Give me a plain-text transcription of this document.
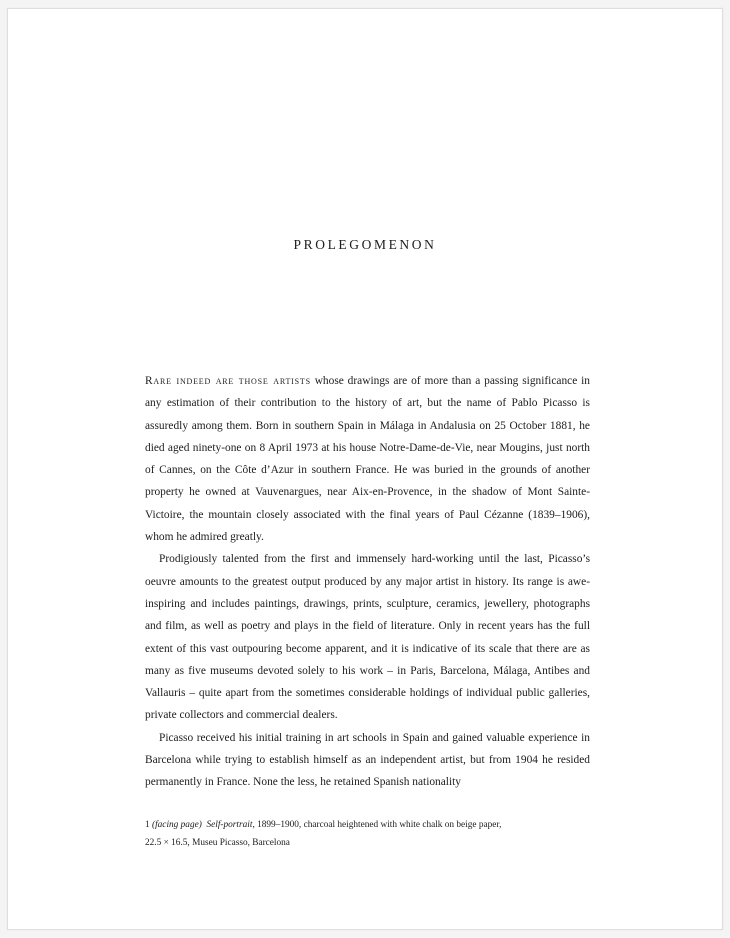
PROLEGOMENON

Rare indeed are those artists whose drawings are of more than a passing significance in any estimation of their contribution to the history of art, but the name of Pablo Picasso is assuredly among them. Born in southern Spain in Málaga in Andalusia on 25 October 1881, he died aged ninety-one on 8 April 1973 at his house Notre-Dame-de-Vie, near Mougins, just north of Cannes, on the Côte d’Azur in southern France. He was buried in the grounds of another property he owned at Vauvenargues, near Aix-en-Provence, in the shadow of Mont Sainte-Victoire, the mountain closely associated with the final years of Paul Cézanne (1839–1906), whom he admired greatly.

Prodigiously talented from the first and immensely hard-working until the last, Picasso’s oeuvre amounts to the greatest output produced by any major artist in history. Its range is awe-inspiring and includes paintings, drawings, prints, sculpture, ceramics, jewellery, photographs and film, as well as poetry and plays in the field of literature. Only in recent years has the full extent of this vast outpouring become apparent, and it is indicative of its scale that there are as many as five museums devoted solely to his work – in Paris, Barcelona, Málaga, Antibes and Vallauris – quite apart from the sometimes considerable holdings of individual public galleries, private collectors and commercial dealers.

Picasso received his initial training in art schools in Spain and gained valuable experience in Barcelona while trying to establish himself as an independent artist, but from 1904 he resided permanently in France. None the less, he retained Spanish nationality

1 (facing page) Self-portrait, 1899–1900, charcoal heightened with white chalk on beige paper,
22.5 × 16.5, Museu Picasso, Barcelona
